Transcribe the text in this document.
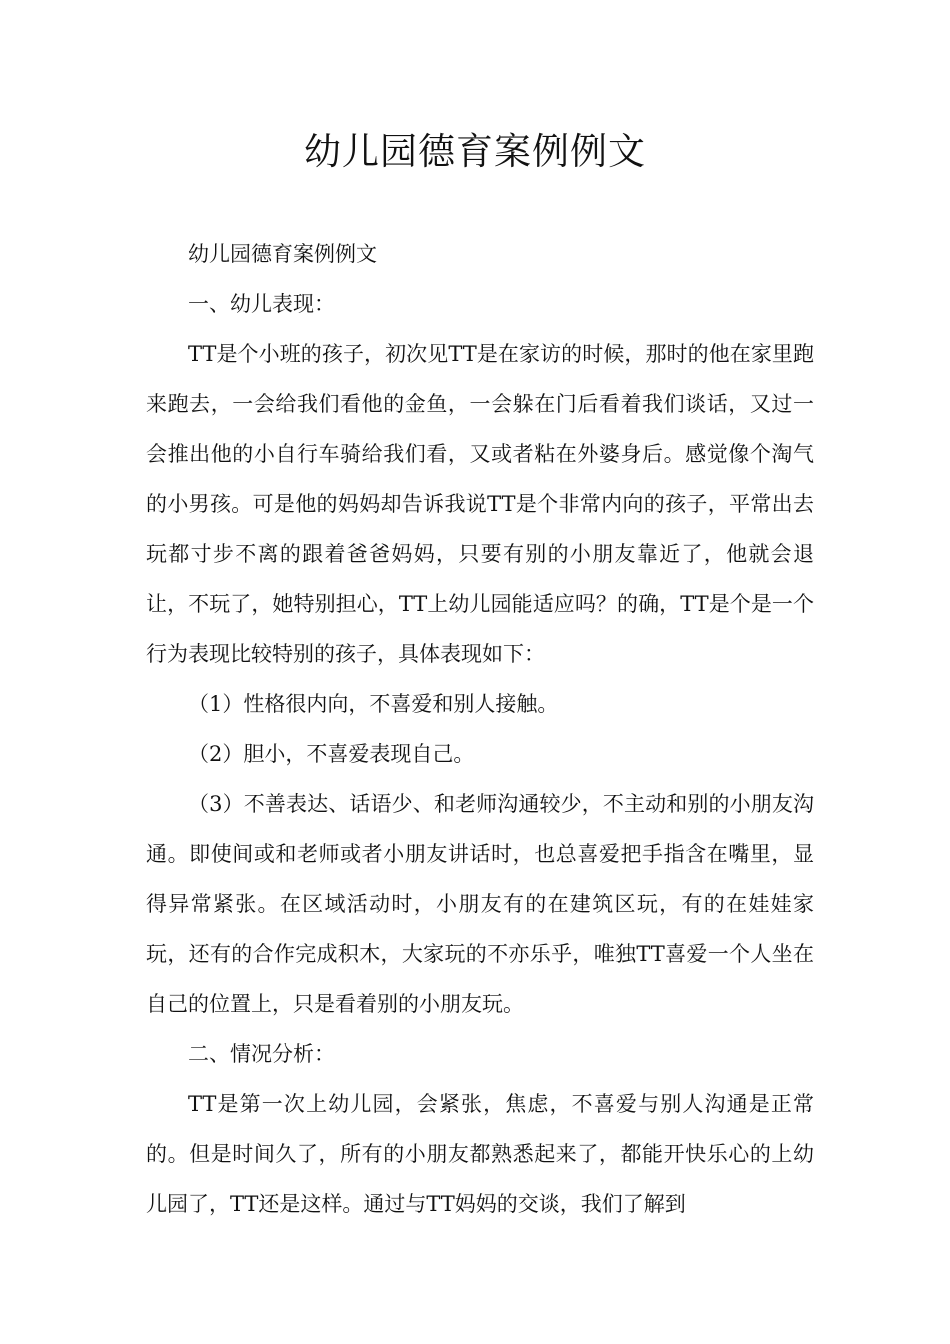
幼儿园德育案例例文

幼儿园德育案例例文

一、幼儿表现：

TT是个小班的孩子，初次见TT是在家访的时候，那时的他在家里跑来跑去，一会给我们看他的金鱼，一会躲在门后看着我们谈话，又过一会推出他的小自行车骑给我们看，又或者粘在外婆身后。感觉像个淘气的小男孩。可是他的妈妈却告诉我说TT是个非常内向的孩子，平常出去玩都寸步不离的跟着爸爸妈妈，只要有别的小朋友靠近了，他就会退让，不玩了，她特别担心，TT上幼儿园能适应吗？的确，TT是个是一个行为表现比较特别的孩子，具体表现如下：

（1）性格很内向，不喜爱和别人接触。

（2）胆小，不喜爱表现自己。

（3）不善表达、话语少、和老师沟通较少，不主动和别的小朋友沟通。即使间或和老师或者小朋友讲话时，也总喜爱把手指含在嘴里，显得异常紧张。在区域活动时，小朋友有的在建筑区玩，有的在娃娃家玩，还有的合作完成积木，大家玩的不亦乐乎，唯独TT喜爱一个人坐在自己的位置上，只是看着别的小朋友玩。

二、情况分析：

TT是第一次上幼儿园，会紧张，焦虑，不喜爱与别人沟通是正常的。但是时间久了，所有的小朋友都熟悉起来了，都能开快乐心的上幼儿园了，TT还是这样。通过与TT妈妈的交谈，我们了解到
